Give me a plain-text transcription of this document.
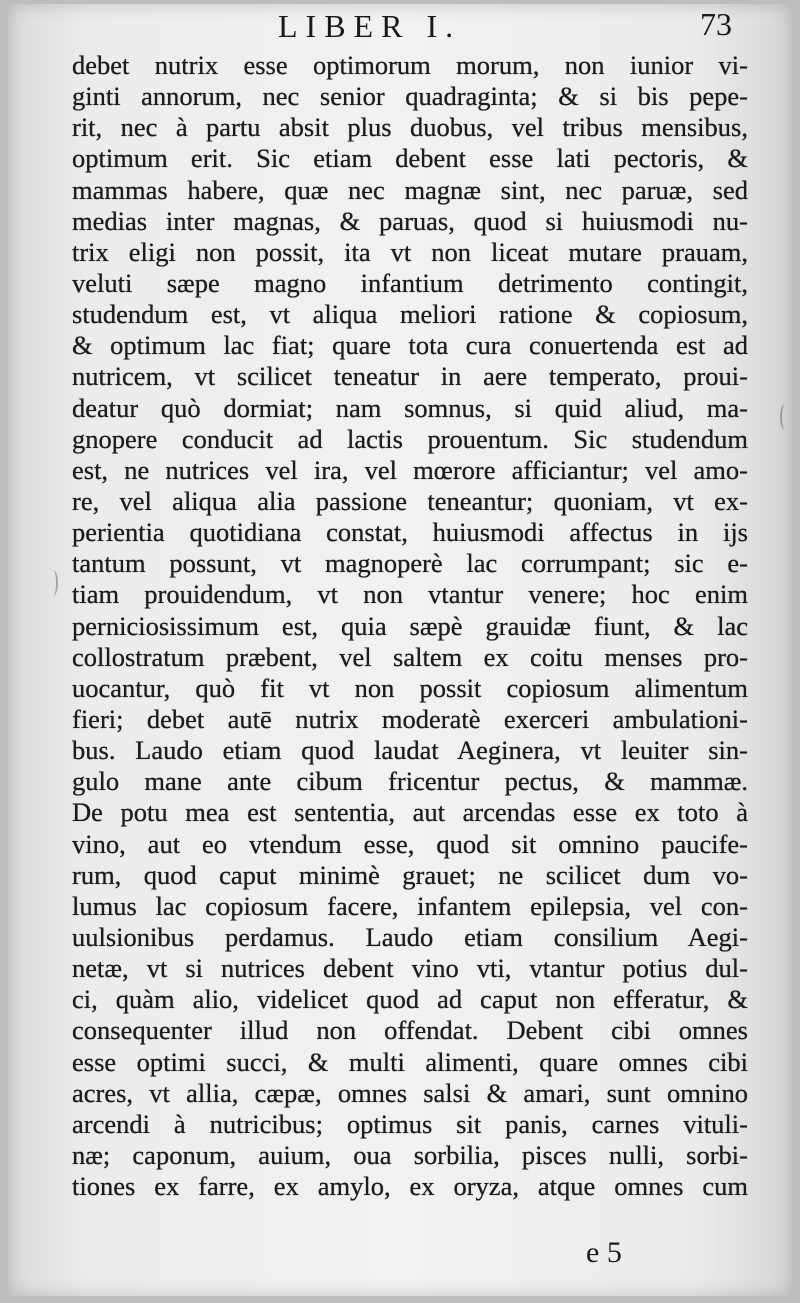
LIBER I.	73
debet nutrix esse optimorum morum, non iunior vi-
ginti annorum, nec senior quadraginta; & si bis pepe-
rit, nec à partu absit plus duobus, vel tribus mensibus,
optimum erit. Sic etiam debent esse lati pectoris, &
mammas habere, quæ nec magnæ sint, nec paruæ, sed
medias inter magnas, & paruas, quod si huiusmodi nu-
trix eligi non possit, ita vt non liceat mutare prauam,
veluti sæpe magno infantium detrimento contingit,
studendum est, vt aliqua meliori ratione & copiosum,
& optimum lac fiat; quare tota cura conuertenda est ad
nutricem, vt scilicet teneatur in aere temperato, proui-
deatur quò dormiat; nam somnus, si quid aliud, ma-
gnopere conducit ad lactis prouentum. Sic studendum
est, ne nutrices vel ira, vel mœrore afficiantur; vel amo-
re, vel aliqua alia passione teneantur; quoniam, vt ex-
perientia quotidiana constat, huiusmodi affectus in ijs
tantum possunt, vt magnoperè lac corrumpant; sic e-
tiam prouidendum, vt non vtantur venere; hoc enim
perniciosissimum est, quia sæpè grauidæ fiunt, & lac
collostratum præbent, vel saltem ex coitu menses pro-
uocantur, quò fit vt non possit copiosum alimentum
fieri; debet autē nutrix moderatè exerceri ambulationi-
bus. Laudo etiam quod laudat Aeginera, vt leuiter sin-
gulo mane ante cibum fricentur pectus, & mammæ.
De potu mea est sententia, aut arcendas esse ex toto à
vino, aut eo vtendum esse, quod sit omnino paucife-
rum, quod caput minimè grauet; ne scilicet dum vo-
lumus lac copiosum facere, infantem epilepsia, vel con-
uulsionibus perdamus. Laudo etiam consilium Aegi-
netæ, vt si nutrices debent vino vti, vtantur potius dul-
ci, quàm alio, videlicet quod ad caput non efferatur, &
consequenter illud non offendat. Debent cibi omnes
esse optimi succi, & multi alimenti, quare omnes cibi
acres, vt allia, cæpæ, omnes salsi & amari, sunt omnino
arcendi à nutricibus; optimus sit panis, carnes vituli-
næ; caponum, auium, oua sorbilia, pisces nulli, sorbi-
tiones ex farre, ex amylo, ex oryza, atque omnes cum
e 5
